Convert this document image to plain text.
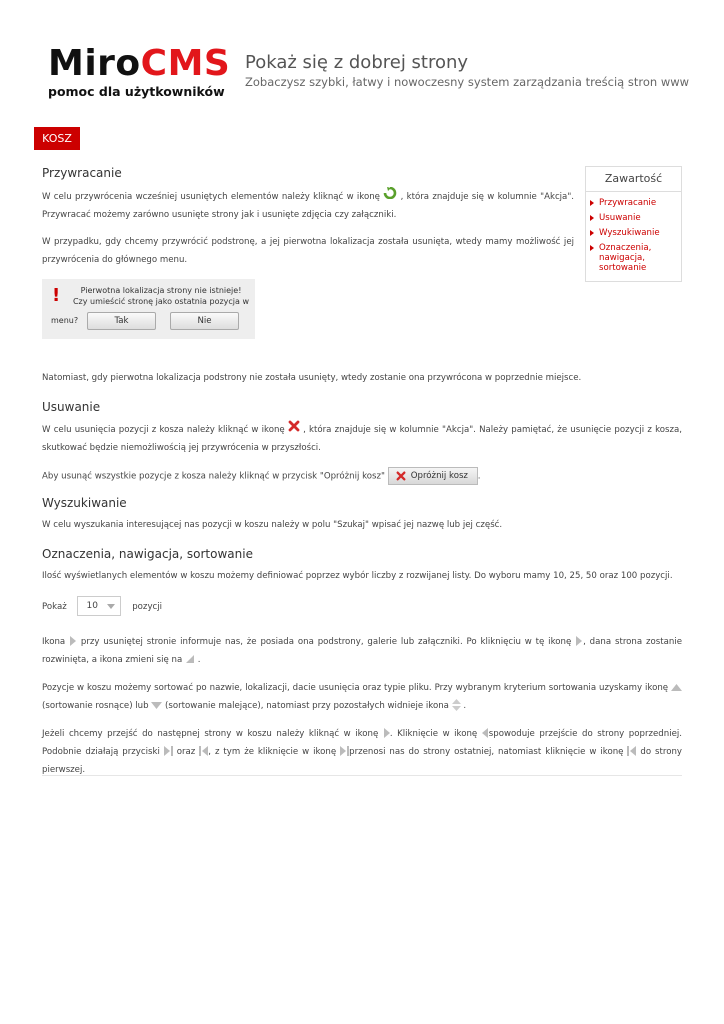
MiroCMS
pomoc dla użytkowników
Pokaż się z dobrej strony
Zobaczysz szybki, łatwy i nowoczesny system zarządzania treścią stron www
KOSZ
Zawartość
Przywracanie
Usuwanie
Wyszukiwanie
Oznaczenia, nawigacja, sortowanie
Przywracanie

W celu przywrócenia wcześniej usuniętych elementów należy kliknąć w ikonę , która znajduje się w kolumnie "Akcja". Przywracać możemy zarówno usunięte strony jak i usunięte zdjęcia czy załączniki.

W przypadku, gdy chcemy przywrócić podstronę, a jej pierwotna lokalizacja została usunięta, wtedy mamy możliwość jej przywrócenia do głównego menu.

Natomiast, gdy pierwotna lokalizacja podstrony nie została usunięty, wtedy zostanie ona przywrócona w poprzednie miejsce.

Usuwanie

W celu usunięcia pozycji z kosza należy kliknąć w ikonę , która znajduje się w kolumnie "Akcja". Należy pamiętać, że usunięcie pozycji z kosza, skutkować będzie niemożliwością jej przywrócenia w przyszłości.

Aby usunąć wszystkie pozycje z kosza należy kliknąć w przycisk "Opróżnij kosz"	Opróżnij kosz .

Wyszukiwanie

W celu wyszukania interesującej nas pozycji w koszu należy w polu "Szukaj" wpisać jej nazwę lub jej część.

Oznaczenia, nawigacja, sortowanie

Ilość wyświetlanych elementów w koszu możemy definiować poprzez wybór liczby z rozwijanej listy. Do wyboru mamy 10, 25, 50 oraz 100 pozycji.

Pokaż 10	pozycji

Ikona przy usuniętej stronie informuje nas, że posiada ona podstrony, galerie lub załączniki. Po kliknięciu w tę ikonę , dana strona zostanie rozwinięta, a ikona zmieni się na .

Pozycje w koszu możemy sortować po nazwie, lokalizacji, dacie usunięcia oraz typie pliku. Przy wybranym kryterium sortowania uzyskamy ikonę  (sortowanie rosnące) lub (sortowanie malejące), natomiast przy pozostałych widnieje ikona .

Jeżeli chcemy przejść do następnej strony w koszu należy kliknąć w ikonę . Kliknięcie w ikonę spowoduje przejście do strony poprzedniej. Podobnie działają przyciski oraz , z tym że kliknięcie w ikonę przenosi nas do strony ostatniej, natomiast kliknięcie w ikonę do strony pierwszej.

!	Pierwotna lokalizacja strony nie istnieje!
Czy umieścić stronę jako ostatnia pozycja w
menu?	Tak	Nie
